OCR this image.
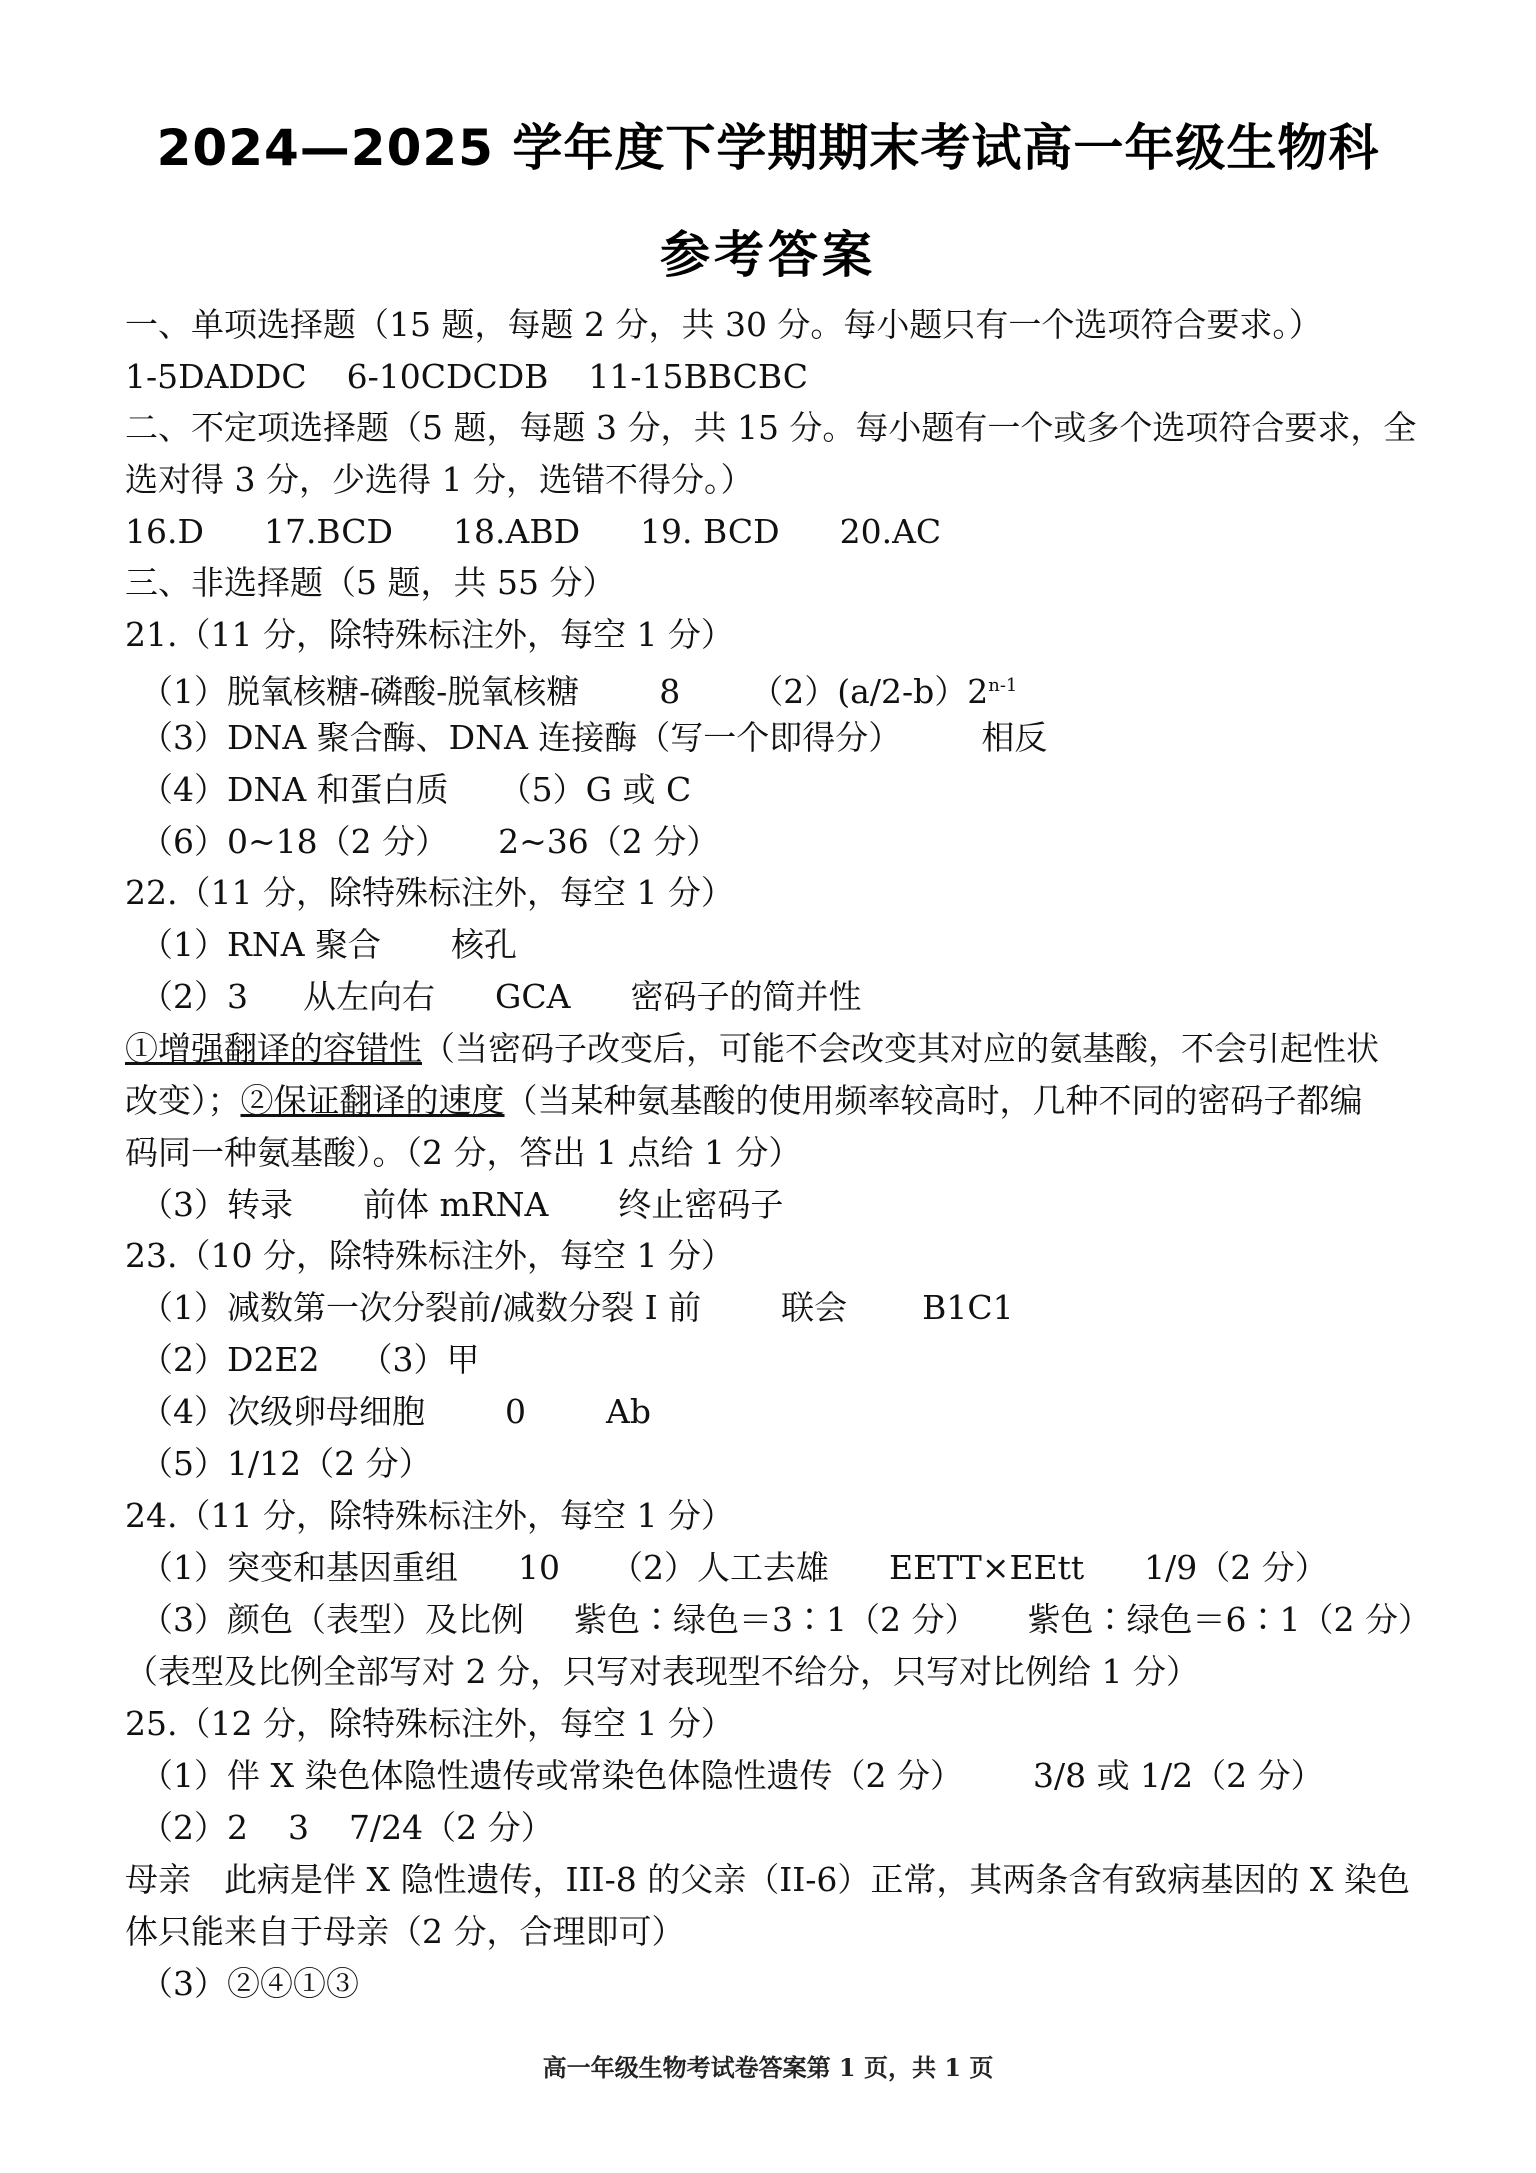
2024—2025 学年度下学期期末考试高一年级生物科
参考答案
一、单项选择题（15 题，每题 2 分，共 30 分。每小题只有一个选项符合要求。）
1-5DADDC 6-10CDCDB 11-15BBCBC
二、不定项选择题（5 题，每题 3 分，共 15 分。每小题有一个或多个选项符合要求，全
选对得 3 分，少选得 1 分，选错不得分。）
16.D 17.BCD 18.ABD 19. BCD 20.AC
三、非选择题（5 题，共 55 分）
21.（11 分，除特殊标注外，每空 1 分）
（1）脱氧核糖-磷酸-脱氧核糖 8 （2）(a/2-b）2$^{n-1}$
（3）DNA 聚合酶、DNA 连接酶（写一个即得分） 相反
（4）DNA 和蛋白质 （5）G 或 C
（6）0~18（2 分） 2~36（2 分）
22.（11 分，除特殊标注外，每空 1 分）
（1）RNA 聚合 核孔
（2）3 从左向右 GCA 密码子的简并性
①增强翻译的容错性（当密码子改变后，可能不会改变其对应的氨基酸，不会引起性状
改变）；②保证翻译的速度（当某种氨基酸的使用频率较高时，几种不同的密码子都编
码同一种氨基酸）。（2 分，答出 1 点给 1 分）
（3）转录 前体 mRNA 终止密码子
23.（10 分，除特殊标注外，每空 1 分）
（1）减数第一次分裂前/减数分裂 I 前 联会 B1C1
（2）D2E2 （3）甲
（4）次级卵母细胞 0 Ab
（5）1/12（2 分）
24.（11 分，除特殊标注外，每空 1 分）
（1）突变和基因重组 10 （2）人工去雄 EETT×EEtt 1/9（2 分）
（3）颜色（表型）及比例 紫色∶绿色＝3∶1（2 分） 紫色∶绿色＝6∶1（2 分）
（表型及比例全部写对 2 分，只写对表现型不给分，只写对比例给 1 分）
25.（12 分，除特殊标注外，每空 1 分）
（1）伴 X 染色体隐性遗传或常染色体隐性遗传（2 分） 3/8 或 1/2（2 分）
（2）2 3 7/24（2 分）
母亲　此病是伴 X 隐性遗传，III-8 的父亲（II-6）正常，其两条含有致病基因的 X 染色
体只能来自于母亲（2 分，合理即可）
（3）②④①③
高一年级生物考试卷答案第 1 页，共 1 页
